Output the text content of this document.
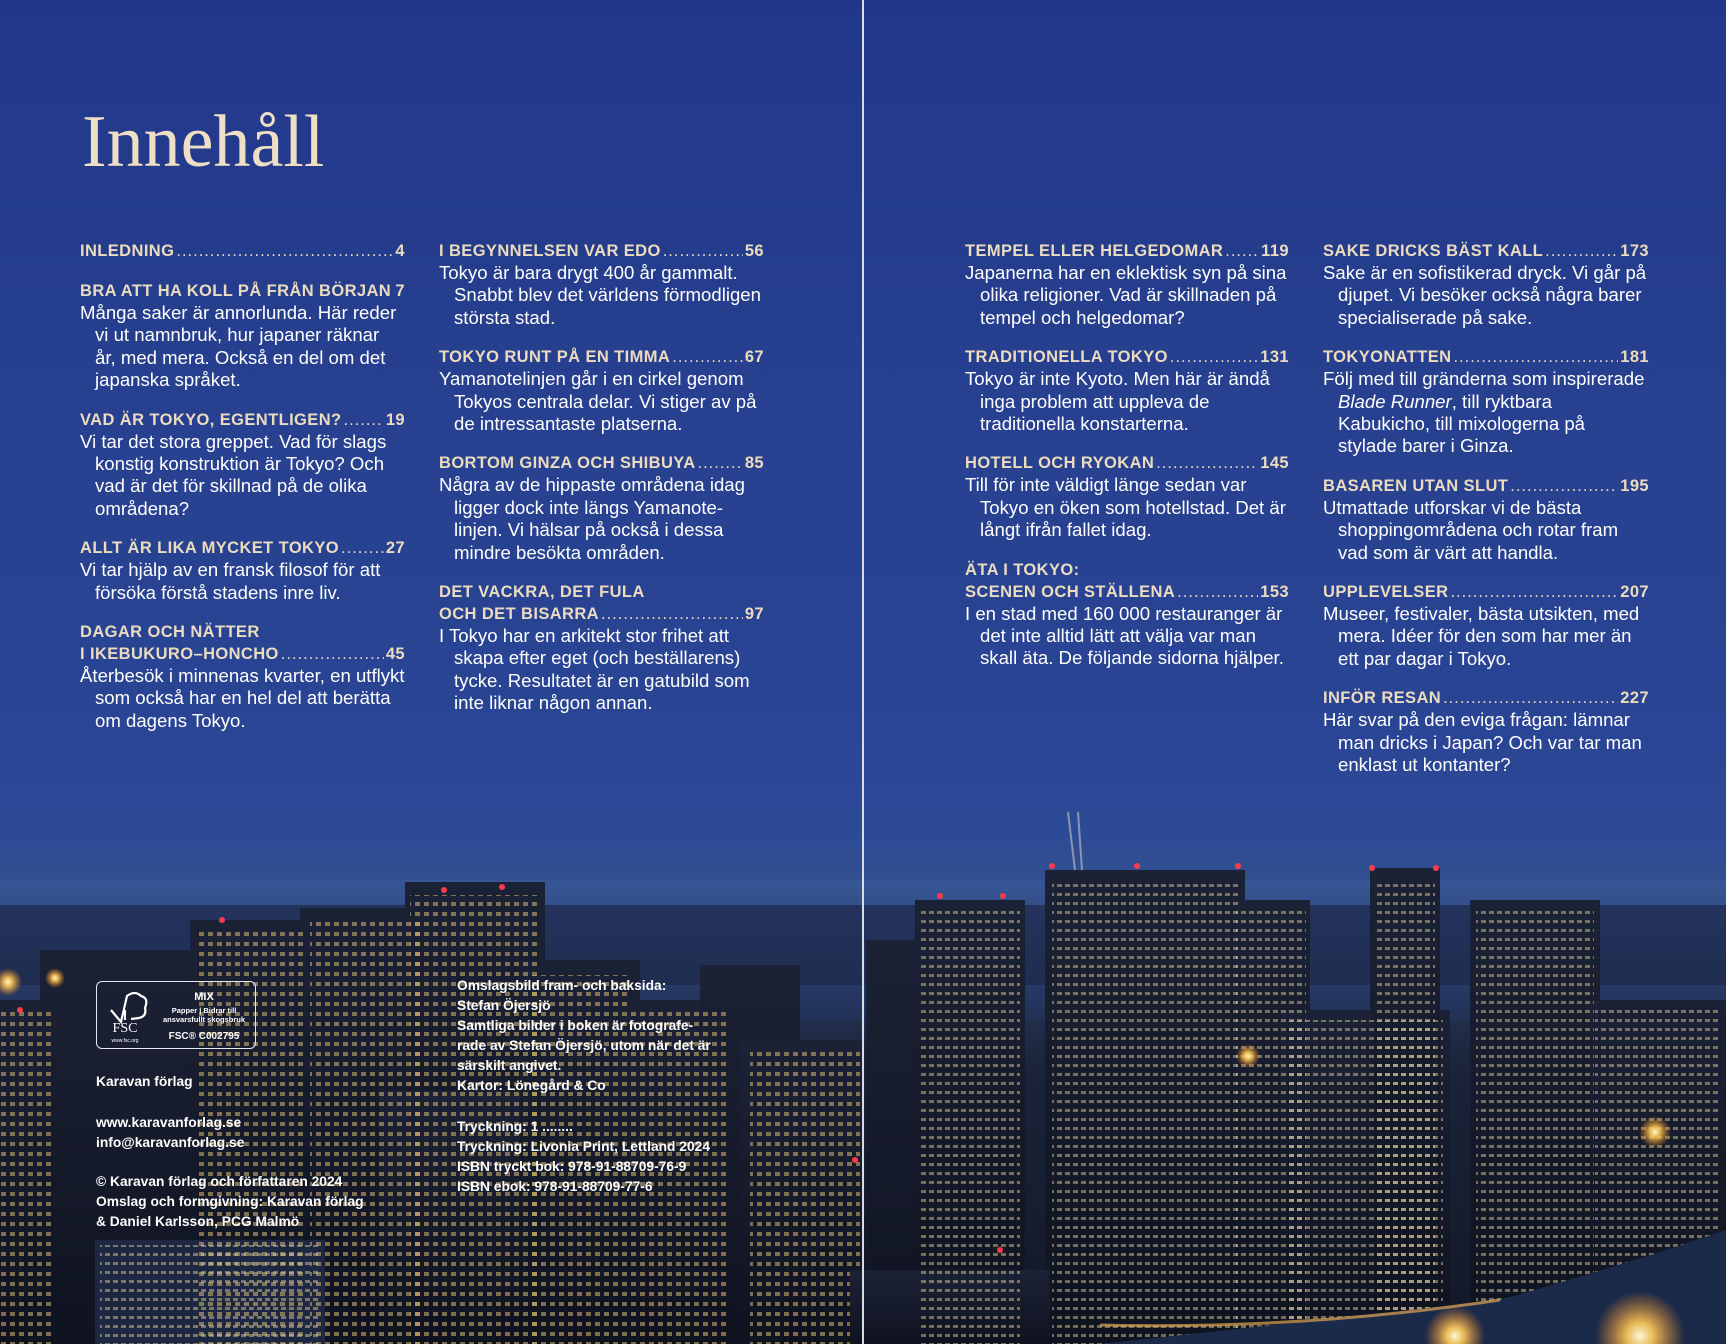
Innehåll
INLEDNING .....	4
BRA ATT HA KOLL PÅ FRÅN BÖRJAN ..... 7

Många saker är annorlunda. Här reder vi ut namnbruk, hur japaner räknar år, med mera. Också en del om det japanska språket.

VAD ÄR TOKYO, EGENTLIGEN? .....	19

Vi tar det stora greppet. Vad för slags konstig konstruktion är Tokyo? Och vad är det för skillnad på de olika områdena?

ALLT ÄR LIKA MYCKET TOKYO .....	27

Vi tar hjälp av en fransk filosof för att försöka förstå stadens inre liv.

DAGAR OCH NÄTTER
I IKEBUKURO–HONCHO .....	45

Återbesök i minnenas kvarter, en utflykt som också har en hel del att berätta om dagens Tokyo.

I BEGYNNELSEN VAR EDO .....	56

Tokyo är bara drygt 400 år gammalt. Snabbt blev det världens förmodligen största stad.

TOKYO RUNT PÅ EN TIMMA .....	67

Yamanotelinjen går i en cirkel genom Tokyos centrala delar. Vi stiger av på de intressantaste platserna.

BORTOM GINZA OCH SHIBUYA .....	85

Några av de hippaste områdena idag ligger dock inte längs Yamanote-linjen. Vi hälsar på också i dessa mindre besökta områden.

DET VACKRA, DET FULA
OCH DET BISARRA .....	97

I Tokyo har en arkitekt stor frihet att skapa efter eget (och beställarens) tycke. Resultatet är en gatubild som inte liknar någon annan.

TEMPEL ELLER HELGEDOMAR ..... 119

Japanerna har en eklektisk syn på sina olika religioner. Vad är skillnaden på tempel och helgedomar?

TRADITIONELLA TOKYO .....	131

Tokyo är inte Kyoto. Men här är ändå inga problem att uppleva de traditionella konstarterna.

HOTELL OCH RYOKAN .....	145

Till för inte väldigt länge sedan var Tokyo en öken som hotellstad. Det är långt ifrån fallet idag.

ÄTA I TOKYO:
SCENEN OCH STÄLLENA .....	153

I en stad med 160 000 restauranger är det inte alltid lätt att välja var man skall äta. De följande sidorna hjälper.

SAKE DRICKS BÄST KALL .....	173

Sake är en sofistikerad dryck. Vi går på djupet. Vi besöker också några barer specialiserade på sake.

TOKYONATTEN .....	181

Följ med till gränderna som inspirerade Blade Runner, till ryktbara Kabukicho, till mixologerna på stylade barer i Ginza.

BASAREN UTAN SLUT .....	195

Utmattade utforskar vi de bästa shoppingområdena och rotar fram vad som är värt att handla.

UPPLEVELSER .....	207

Museer, festivaler, bästa utsikten, med mera. Idéer för den som har mer än ett par dagar i Tokyo.

INFÖR RESAN .....	227

Här svar på den eviga frågan: lämnar man dricks i Japan? Och var tar man enklast ut kontanter?

FSC
www.fsc.org
MIX
Papper | Bidrar till
ansvarsfullt skogsbruk
FSC® C002795

Karavan förlag

www.karavanforlag.se

info@karavanforlag.se

© Karavan förlag och författaren 2024

Omslag och formgivning: Karavan förlag

& Daniel Karlsson, PCG Malmö

Omslagsbild fram- och baksida:

Stefan Öjersjö

Samtliga bilder i boken är fotografe-

rade av Stefan Öjersjö, utom när det är

särskilt angivet.

Kartor: Lönegård & Co

Tryckning: 1 ........

Tryckning: Livonia Print, Lettland 2024

ISBN tryckt bok: 978-91-88709-76-9

ISBN ebok: 978-91-88709-77-6
